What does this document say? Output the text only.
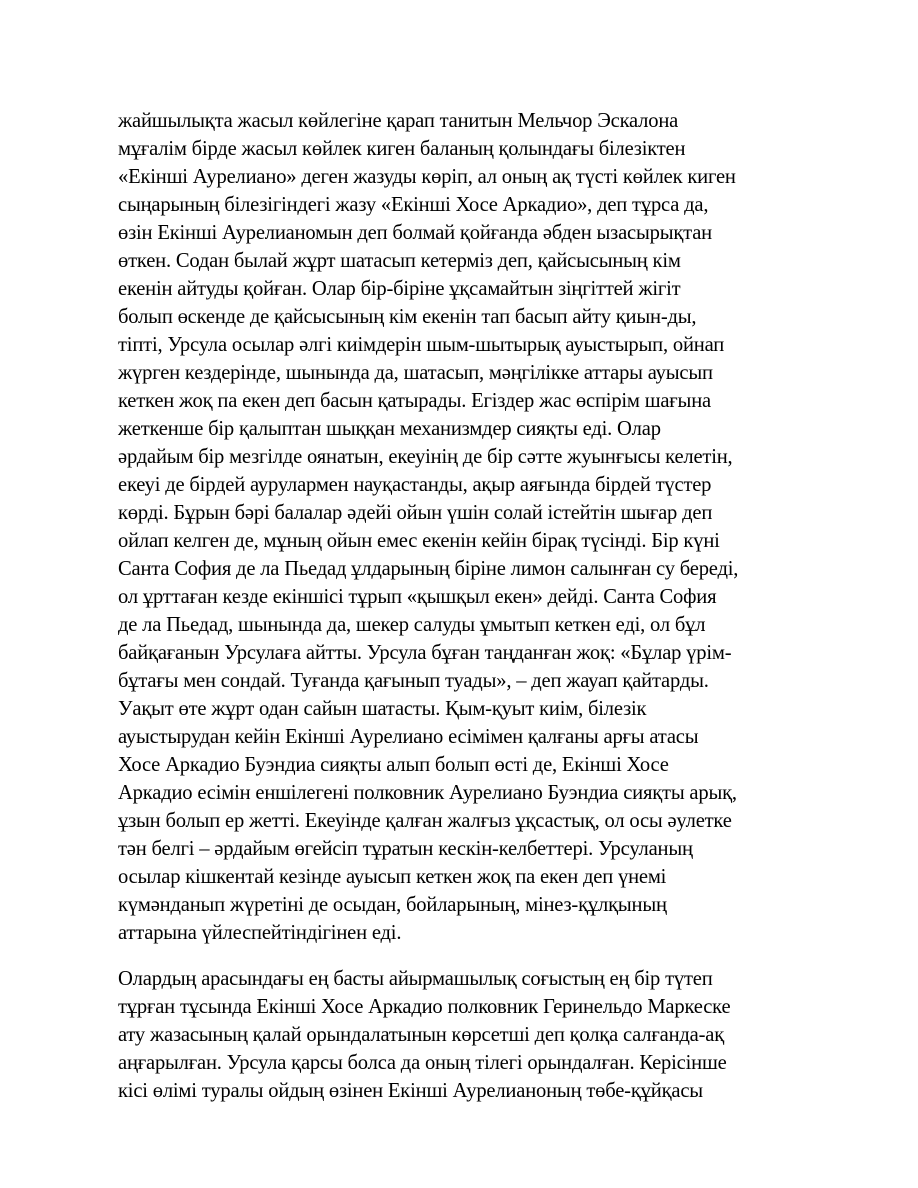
жайшылықта жасыл көйлегіне қарап танитын Мельчор Эскалона
мұғалім бірде жасыл көйлек киген баланың қолындағы білезіктен
«Екінші Аурелиано» деген жазуды көріп, ал оның ақ түсті көйлек киген
сыңарының білезігіндегі жазу «Екінші Хосе Аркадио», деп тұрса да,
өзін Екінші Аурелианомын деп болмай қойғанда әбден ызасырықтан
өткен. Содан былай жұрт шатасып кетерміз деп, қайсысының кім
екенін айтуды қойған. Олар бір-біріне ұқсамайтын зіңгіттей жігіт
болып өскенде де қайсысының кім екенін тап басып айту қиын-ды,
тіпті, Урсула осылар әлгі киімдерін шым-шытырық ауыстырып, ойнап
жүрген кездерінде, шынында да, шатасып, мәңгілікке аттары ауысып
кеткен жоқ па екен деп басын қатырады. Егіздер жас өспірім шағына
жеткенше бір қалыптан шыққан механизмдер сияқты еді. Олар
әрдайым бір мезгілде оянатын, екеуінің де бір сәтте жуынғысы келетін,
екеуі де бірдей аурулармен науқастанды, ақыр аяғында бірдей түстер
көрді. Бұрын бәрі балалар әдейі ойын үшін солай істейтін шығар деп
ойлап келген де, мұның ойын емес екенін кейін бірақ түсінді. Бір күні
Санта София де ла Пьедад ұлдарының біріне лимон салынған су береді,
ол ұрттаған кезде екіншісі тұрып «қышқыл екен» дейді. Санта София
де ла Пьедад, шынында да, шекер салуды ұмытып кеткен еді, ол бұл
байқағанын Урсулаға айтты. Урсула бұған таңданған жоқ: «Бұлар үрім-
бұтағы мен сондай. Туғанда қағынып туады», – деп жауап қайтарды.
Уақыт өте жұрт одан сайын шатасты. Қым-қуыт киім, білезік
ауыстырудан кейін Екінші Аурелиано есімімен қалғаны арғы атасы
Хосе Аркадио Буэндиа сияқты алып болып өсті де, Екінші Хосе
Аркадио есімін еншілегені полковник Аурелиано Буэндиа сияқты арық,
ұзын болып ер жетті. Екеуінде қалған жалғыз ұқсастық, ол осы әулетке
тән белгі – әрдайым өгейсіп тұратын кескін-келбеттері. Урсуланың
осылар кішкентай кезінде ауысып кеткен жоқ па екен деп үнемі
күмәнданып жүретіні де осыдан, бойларының, мінез-құлқының
аттарына үйлеспейтіндігінен еді.

Олардың арасындағы ең басты айырмашылық соғыстың ең бір түтеп
тұрған тұсында Екінші Хосе Аркадио полковник Геринельдо Маркеске
ату жазасының қалай орындалатынын көрсетші деп қолқа салғанда-ақ
аңғарылған. Урсула қарсы болса да оның тілегі орындалған. Керісінше
кісі өлімі туралы ойдың өзінен Екінші Аурелианоның төбе-құйқасы
